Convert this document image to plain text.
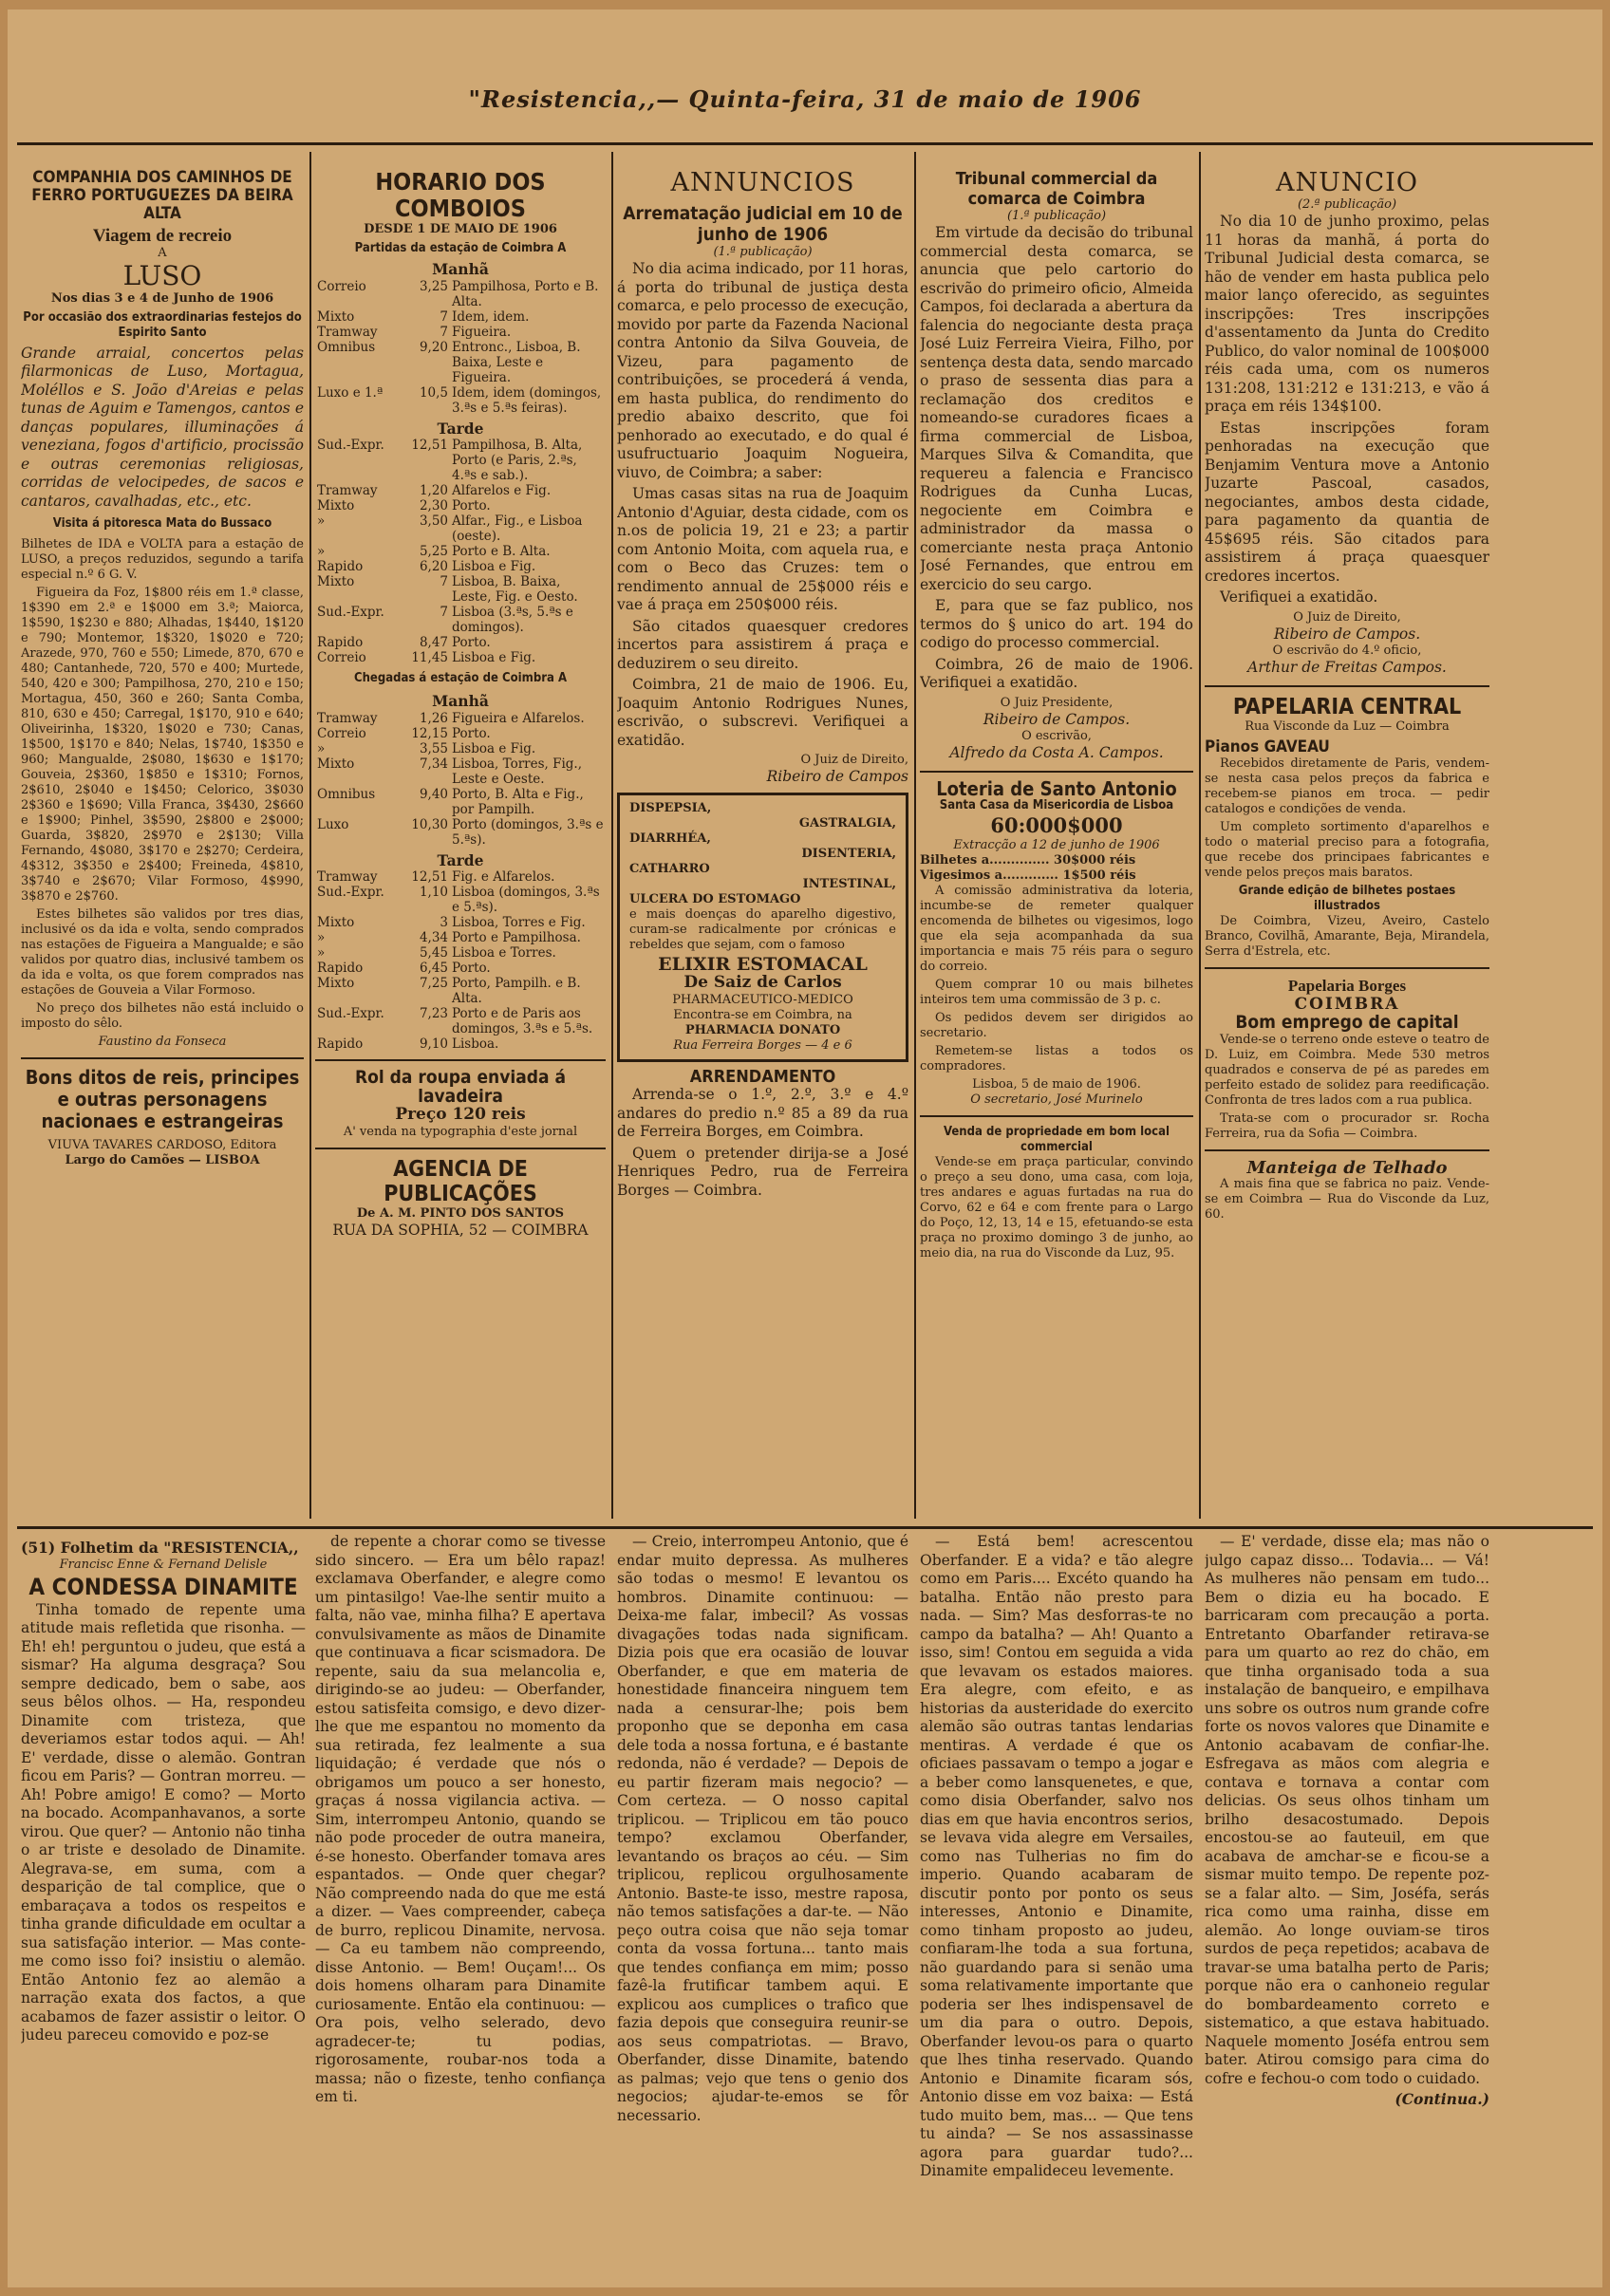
"Resistencia,,— Quinta-feira, 31 de maio de 1906
COMPANHIA DOS CAMINHOS DE FERRO PORTUGUEZES DA BEIRA ALTA
Viagem de recreio
A
LUSO
Nos dias 3 e 4 de Junho de 1906
Por occasião dos extraordinarias festejos do Espirito Santo

Grande arraial, concertos pelas filarmonicas de Luso, Mortagua, Moléllos e S. João d'Areias e pelas tunas de Aguim e Tamengos, cantos e danças populares, illuminações á veneziana, fogos d'artificio, procissão e outras ceremonias religiosas, corridas de velocipedes, de sacos e cantaros, cavalhadas, etc., etc.

Visita á pitoresca Mata do Bussaco

Bilhetes de IDA e VOLTA para a estação de LUSO, a preços reduzidos, segundo a tarifa especial n.º 6 G. V.

Figueira da Foz, 1$800 réis em 1.ª classe, 1$390 em 2.ª e 1$000 em 3.ª; Maiorca, 1$590, 1$230 e 880; Alhadas, 1$440, 1$120 e 790; Montemor, 1$320, 1$020 e 720; Arazede, 970, 760 e 550; Limede, 870, 670 e 480; Cantanhede, 720, 570 e 400; Murtede, 540, 420 e 300; Pampilhosa, 270, 210 e 150; Mortagua, 450, 360 e 260; Santa Comba, 810, 630 e 450; Carregal, 1$170, 910 e 640; Oliveirinha, 1$320, 1$020 e 730; Canas, 1$500, 1$170 e 840; Nelas, 1$740, 1$350 e 960; Mangualde, 2$080, 1$630 e 1$170; Gouveia, 2$360, 1$850 e 1$310; Fornos, 2$610, 2$040 e 1$450; Celorico, 3$030 2$360 e 1$690; Villa Franca, 3$430, 2$660 e 1$900; Pinhel, 3$590, 2$800 e 2$000; Guarda, 3$820, 2$970 e 2$130; Villa Fernando, 4$080, 3$170 e 2$270; Cerdeira, 4$312, 3$350 e 2$400; Freineda, 4$810, 3$740 e 2$670; Vilar Formoso, 4$990, 3$870 e 2$760.

Estes bilhetes são validos por tres dias, inclusivé os da ida e volta, sendo comprados nas estações de Figueira a Mangualde; e são validos por quatro dias, inclusivé tambem os da ida e volta, os que forem comprados nas estações de Gouveia a Vilar Formoso.

No preço dos bilhetes não está incluido o imposto do sêlo.

Faustino da Fonseca
Bons ditos de reis, principes e outras personagens nacionaes e estrangeiras
VIUVA TAVARES CARDOSO, Editora
Largo do Camões — LISBOA
HORARIO DOS COMBOIOS
DESDE 1 DE MAIO DE 1906
Partidas da estação de Coimbra A
Manhã
Correio	3,25	Pampilhosa, Porto e B. Alta.
Mixto	7	Idem, idem.
Tramway	7	Figueira.
Omnibus	9,20	Entronc., Lisboa, B. Baixa, Leste e Figueira.
Luxo e 1.ª	10,5	Idem, idem (domingos, 3.ªs e 5.ªs feiras).
Tarde
Sud.-Expr.	12,51	Pampilhosa, B. Alta, Porto (e Paris, 2.ªs, 4.ªs e sab.).
Tramway	1,20	Alfarelos e Fig.
Mixto	2,30	Porto.
»	3,50	Alfar., Fig., e Lisboa (oeste).
»	5,25	Porto e B. Alta.
Rapido	6,20	Lisboa e Fig.
Mixto	7	Lisboa, B. Baixa, Leste, Fig. e Oesto.
Sud.-Expr.	7	Lisboa (3.ªs, 5.ªs e domingos).
Rapido	8,47	Porto.
Correio	11,45	Lisboa e Fig.
Chegadas á estação de Coimbra A
Manhã
Tramway	1,26	Figueira e Alfarelos.
Correio	12,15	Porto.
»	3,55	Lisboa e Fig.
Mixto	7,34	Lisboa, Torres, Fig., Leste e Oeste.
Omnibus	9,40	Porto, B. Alta e Fig., por Pampilh.
Luxo	10,30	Porto (domingos, 3.ªs e 5.ªs).
Tarde
Tramway	12,51	Fig. e Alfarelos.
Sud.-Expr.	1,10	Lisboa (domingos, 3.ªs e 5.ªs).
Mixto	3	Lisboa, Torres e Fig.
»	4,34	Porto e Pampilhosa.
»	5,45	Lisboa e Torres.
Rapido	6,45	Porto.
Mixto	7,25	Porto, Pampilh. e B. Alta.
Sud.-Expr.	7,23	Porto e de Paris aos domingos, 3.ªs e 5.ªs.
Rapido	9,10	Lisboa.
Rol da roupa enviada á lavadeira
Preço 120 reis
A' venda na typographia d'este jornal
AGENCIA DE PUBLICAÇÕES
De A. M. PINTO DOS SANTOS
RUA DA SOPHIA, 52 — COIMBRA
ANNUNCIOS
Arrematação judicial em 10 de junho de 1906
(1.ª publicação)

No dia acima indicado, por 11 horas, á porta do tribunal de justiça desta comarca, e pelo processo de execução, movido por parte da Fazenda Nacional contra Antonio da Silva Gouveia, de Vizeu, para pagamento de contribuições, se procederá á venda, em hasta publica, do rendimento do predio abaixo descrito, que foi penhorado ao executado, e do qual é usufructuario Joaquim Nogueira, viuvo, de Coimbra; a saber:

Umas casas sitas na rua de Joaquim Antonio d'Aguiar, desta cidade, com os n.os de policia 19, 21 e 23; a partir com Antonio Moita, com aquela rua, e com o Beco das Cruzes: tem o rendimento annual de 25$000 réis e vae á praça em 250$000 réis.

São citados quaesquer credores incertos para assistirem á praça e deduzirem o seu direito.

Coimbra, 21 de maio de 1906. Eu, Joaquim Antonio Rodrigues Nunes, escrivão, o subscrevi. Verifiquei a exatidão.

O Juiz de Direito,
Ribeiro de Campos
DISPEPSIA,
GASTRALGIA,
DIARRHÉA,
DISENTERIA,
CATHARRO
INTESTINAL,
ULCERA DO ESTOMAGO

e mais doenças do aparelho digestivo, curam-se radicalmente por crónicas e rebeldes que sejam, com o famoso

ELIXIR ESTOMACAL
De Saiz de Carlos
PHARMACEUTICO-MEDICO
Encontra-se em Coimbra, na
PHARMACIA DONATO
Rua Ferreira Borges — 4 e 6
ARRENDAMENTO

Arrenda-se o 1.º, 2.º, 3.º e 4.º andares do predio n.º 85 a 89 da rua de Ferreira Borges, em Coimbra.

Quem o pretender dirija-se a José Henriques Pedro, rua de Ferreira Borges — Coimbra.

Tribunal commercial da comarca de Coimbra
(1.ª publicação)

Em virtude da decisão do tribunal commercial desta comarca, se anuncia que pelo cartorio do escrivão do primeiro oficio, Almeida Campos, foi declarada a abertura da falencia do negociante desta praça José Luiz Ferreira Vieira, Filho, por sentença desta data, sendo marcado o praso de sessenta dias para a reclamação dos creditos e nomeando-se curadores ficaes a firma commercial de Lisboa, Marques Silva & Comandita, que requereu a falencia e Francisco Rodrigues da Cunha Lucas, negociente em Coimbra e administrador da massa o comerciante nesta praça Antonio José Fernandes, que entrou em exercicio do seu cargo.

E, para que se faz publico, nos termos do § unico do art. 194 do codigo do processo commercial.

Coimbra, 26 de maio de 1906. Verifiquei a exatidão.

O Juiz Presidente,
Ribeiro de Campos.
O escrivão,
Alfredo da Costa A. Campos.
Loteria de Santo Antonio
Santa Casa da Misericordia de Lisboa
60:000$000
Extracção a 12 de junho de 1906
Bilhetes a.............. 30$000 réis
Vigesimos a............. 1$500 réis

A comissão administrativa da loteria, incumbe-se de remeter qualquer encomenda de bilhetes ou vigesimos, logo que ela seja acompanhada da sua importancia e mais 75 réis para o seguro do correio.

Quem comprar 10 ou mais bilhetes inteiros tem uma commissão de 3 p. c.

Os pedidos devem ser dirigidos ao secretario.

Remetem-se listas a todos os compradores.

Lisboa, 5 de maio de 1906.
O secretario, José Murinelo
Venda de propriedade em bom local commercial

Vende-se em praça particular, convindo o preço a seu dono, uma casa, com loja, tres andares e aguas furtadas na rua do Corvo, 62 e 64 e com frente para o Largo do Poço, 12, 13, 14 e 15, efetuando-se esta praça no proximo domingo 3 de junho, ao meio dia, na rua do Visconde da Luz, 95.

ANUNCIO
(2.ª publicação)

No dia 10 de junho proximo, pelas 11 horas da manhã, á porta do Tribunal Judicial desta comarca, se hão de vender em hasta publica pelo maior lanço oferecido, as seguintes inscripções: Tres inscripções d'assentamento da Junta do Credito Publico, do valor nominal de 100$000 réis cada uma, com os numeros 131:208, 131:212 e 131:213, e vão á praça em réis 134$100.

Estas inscripções foram penhoradas na execução que Benjamim Ventura move a Antonio Juzarte Pascoal, casados, negociantes, ambos desta cidade, para pagamento da quantia de 45$695 réis. São citados para assistirem á praça quaesquer credores incertos.

Verifiquei a exatidão.

O Juiz de Direito,
Ribeiro de Campos.
O escrivão do 4.º oficio,
Arthur de Freitas Campos.
PAPELARIA CENTRAL
Rua Visconde da Luz — Coimbra
Pianos GAVEAU

Recebidos diretamente de Paris, vendem-se nesta casa pelos preços da fabrica e recebem-se pianos em troca. — pedir catalogos e condições de venda.

Um completo sortimento d'aparelhos e todo o material preciso para a fotografia, que recebe dos principaes fabricantes e vende pelos preços mais baratos.

Grande edição de bilhetes postaes illustrados

De Coimbra, Vizeu, Aveiro, Castelo Branco, Covilhã, Amarante, Beja, Mirandela, Serra d'Estrela, etc.

Papelaria Borges
COIMBRA
Bom emprego de capital

Vende-se o terreno onde esteve o teatro de D. Luiz, em Coimbra. Mede 530 metros quadrados e conserva de pé as paredes em perfeito estado de solidez para reedificação. Confronta de tres lados com a rua publica.

Trata-se com o procurador sr. Rocha Ferreira, rua da Sofia — Coimbra.

Manteiga de Telhado

A mais fina que se fabrica no paiz. Vende-se em Coimbra — Rua do Visconde da Luz, 60.

(51) Folhetim da "RESISTENCIA,,
Francisc Enne & Fernand Delisle
A CONDESSA DINAMITE

Tinha tomado de repente uma atitude mais refletida que risonha. — Eh! eh! perguntou o judeu, que está a sismar? Ha alguma desgraça? Sou sempre dedicado, bem o sabe, aos seus bêlos olhos. — Ha, respondeu Dinamite com tristeza, que deveriamos estar todos aqui. — Ah! E' verdade, disse o alemão. Gontran ficou em Paris? — Gontran morreu. — Ah! Pobre amigo! E como? — Morto na bocado. Acompanhavanos, a sorte virou. Que quer? — Antonio não tinha o ar triste e desolado de Dinamite. Alegrava-se, em suma, com a desparição de tal complice, que o embaraçava a todos os respeitos e tinha grande dificuldade em ocultar a sua satisfação interior. — Mas conte-me como isso foi? insistiu o alemão. Então Antonio fez ao alemão a narração exata dos factos, a que acabamos de fazer assistir o leitor. O judeu pareceu comovido e poz-se

de repente a chorar como se tivesse sido sincero. — Era um bêlo rapaz! exclamava Oberfander, e alegre como um pintasilgo! Vae-lhe sentir muito a falta, não vae, minha filha? E apertava convulsivamente as mãos de Dinamite que continuava a ficar scismadora. De repente, saiu da sua melancolia e, dirigindo-se ao judeu: — Oberfander, estou satisfeita comsigo, e devo dizer-lhe que me espantou no momento da sua retirada, fez lealmente a sua liquidação; é verdade que nós o obrigamos um pouco a ser honesto, graças á nossa vigilancia activa. — Sim, interrompeu Antonio, quando se não pode proceder de outra maneira, é-se honesto. Oberfander tomava ares espantados. — Onde quer chegar? Não compreendo nada do que me está a dizer. — Vaes compreender, cabeça de burro, replicou Dinamite, nervosa. — Ca eu tambem não compreendo, disse Antonio. — Bem! Ouçam!... Os dois homens olharam para Dinamite curiosamente. Então ela continuou: — Ora pois, velho selerado, devo agradecer-te; tu podias, rigorosamente, roubar-nos toda a massa; não o fizeste, tenho confiança em ti.

— Creio, interrompeu Antonio, que é endar muito depressa. As mulheres são todas o mesmo! E levantou os hombros. Dinamite continuou: — Deixa-me falar, imbecil? As vossas divagações todas nada significam. Dizia pois que era ocasião de louvar Oberfander, e que em materia de honestidade financeira ninguem tem nada a censurar-lhe; pois bem proponho que se deponha em casa dele toda a nossa fortuna, e é bastante redonda, não é verdade? — Depois de eu partir fizeram mais negocio? — Com certeza. — O nosso capital triplicou. — Triplicou em tão pouco tempo? exclamou Oberfander, levantando os braços ao céu. — Sim triplicou, replicou orgulhosamente Antonio. Baste-te isso, mestre raposa, não temos satisfações a dar-te. — Não peço outra coisa que não seja tomar conta da vossa fortuna... tanto mais que tendes confiança em mim; posso fazê-la frutificar tambem aqui. E explicou aos cumplices o trafico que fazia depois que conseguira reunir-se aos seus compatriotas. — Bravo, Oberfander, disse Dinamite, batendo as palmas; vejo que tens o genio dos negocios; ajudar-te-emos se fôr necessario.

— Está bem! acrescentou Oberfander. E a vida? e tão alegre como em Paris.... Excéto quando ha batalha. Então não presto para nada. — Sim? Mas desforras-te no campo da batalha? — Ah! Quanto a isso, sim! Contou em seguida a vida que levavam os estados maiores. Era alegre, com efeito, e as historias da austeridade do exercito alemão são outras tantas lendarias mentiras. A verdade é que os oficiaes passavam o tempo a jogar e a beber como lansquenetes, e que, como disia Oberfander, salvo nos dias em que havia encontros serios, se levava vida alegre em Versailes, como nas Tulherias no fim do imperio. Quando acabaram de discutir ponto por ponto os seus interesses, Antonio e Dinamite, como tinham proposto ao judeu, confiaram-lhe toda a sua fortuna, não guardando para si senão uma soma relativamente importante que poderia ser lhes indispensavel de um dia para o outro. Depois, Oberfander levou-os para o quarto que lhes tinha reservado. Quando Antonio e Dinamite ficaram sós, Antonio disse em voz baixa: — Está tudo muito bem, mas... — Que tens tu ainda? — Se nos assassinasse agora para guardar tudo?... Dinamite empalideceu levemente.

— E' verdade, disse ela; mas não o julgo capaz disso... Todavia... — Vá! As mulheres não pensam em tudo... Bem o dizia eu ha bocado. E barricaram com precaução a porta. Entretanto Obarfander retirava-se para um quarto ao rez do chão, em que tinha organisado toda a sua instalação de banqueiro, e empilhava uns sobre os outros num grande cofre forte os novos valores que Dinamite e Antonio acabavam de confiar-lhe. Esfregava as mãos com alegria e contava e tornava a contar com delicias. Os seus olhos tinham um brilho desacostumado. Depois encostou-se ao fauteuil, em que acabava de amchar-se e ficou-se a sismar muito tempo. De repente poz-se a falar alto. — Sim, Joséfa, serás rica como uma rainha, disse em alemão. Ao longe ouviam-se tiros surdos de peça repetidos; acabava de travar-se uma batalha perto de Paris; porque não era o canhoneio regular do bombardeamento correto e sistematico, a que estava habituado. Naquele momento Joséfa entrou sem bater. Atirou comsigo para cima do cofre e fechou-o com todo o cuidado.

(Continua.)
